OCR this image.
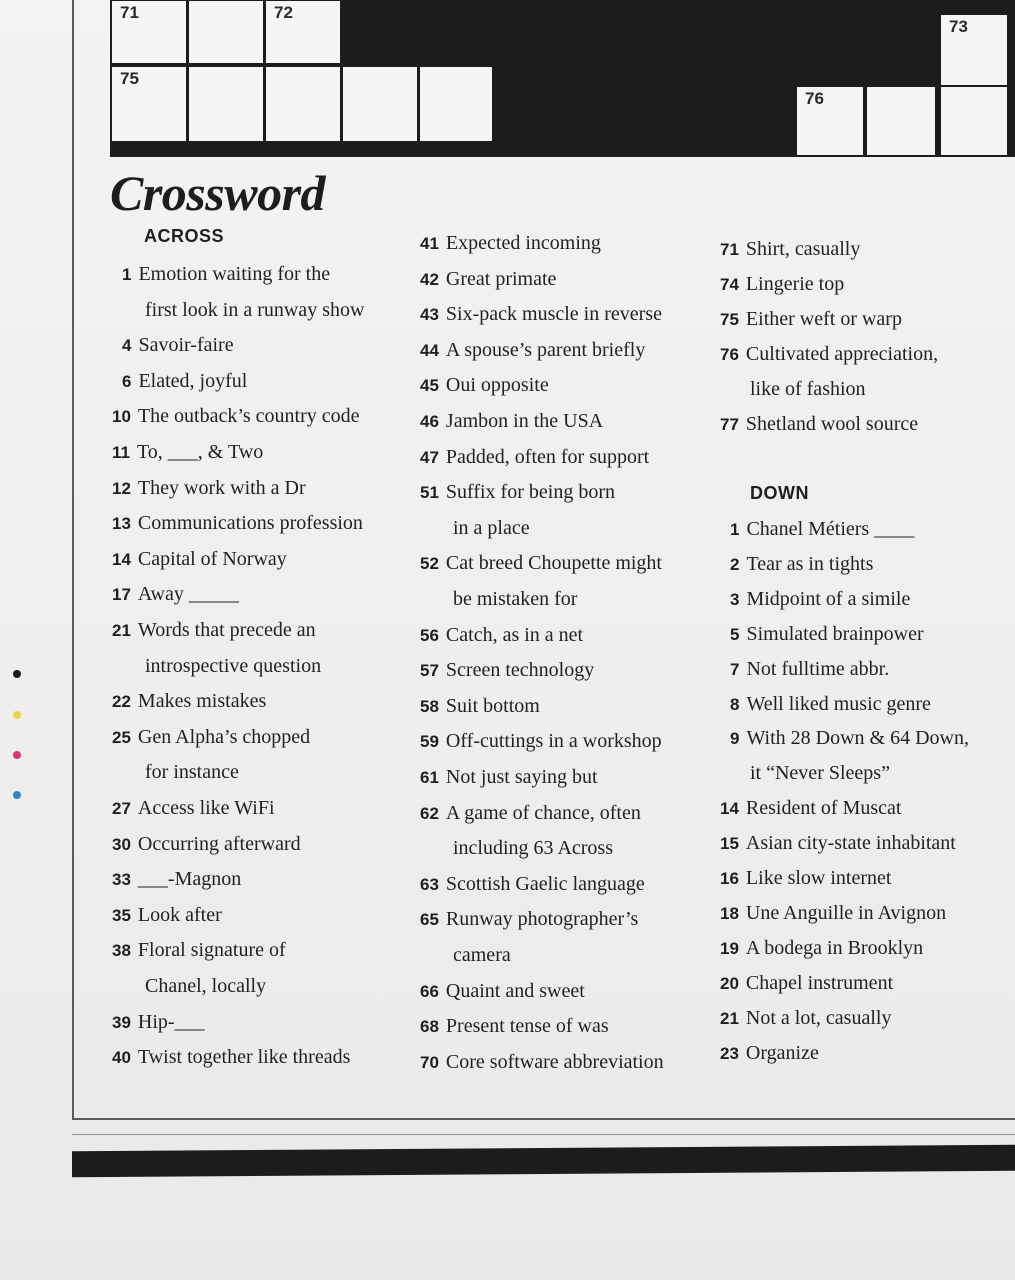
71	72
73
75
76
Crossword
ACROSS
DOWN
1 Emotion waiting for the
first look in a runway show
4 Savoir-faire
6 Elated, joyful
10 The outback’s country code
11 To, ___, & Two
12 They work with a Dr
13 Communications profession
14 Capital of Norway
17 Away _____
21 Words that precede an
introspective question
22 Makes mistakes
25 Gen Alpha’s chopped
for instance
27 Access like WiFi
30 Occurring afterward
33 ___-Magnon
35 Look after
38 Floral signature of
Chanel, locally
39 Hip-___
40 Twist together like threads
41 Expected incoming
42 Great primate
43 Six-pack muscle in reverse
44 A spouse’s parent briefly
45 Oui opposite
46 Jambon in the USA
47 Padded, often for support
51 Suffix for being born
in a place
52 Cat breed Choupette might
be mistaken for
56 Catch, as in a net
57 Screen technology
58 Suit bottom
59 Off-cuttings in a workshop
61 Not just saying but
62 A game of chance, often
including 63 Across
63 Scottish Gaelic language
65 Runway photographer’s
camera
66 Quaint and sweet
68 Present tense of was
70 Core software abbreviation
71 Shirt, casually
74 Lingerie top
75 Either weft or warp
76 Cultivated appreciation,
like of fashion
77 Shetland wool source
1 Chanel Métiers ____
2 Tear as in tights
3 Midpoint of a simile
5 Simulated brainpower
7 Not fulltime abbr.
8 Well liked music genre
9 With 28 Down & 64 Down,
it “Never Sleeps”
14 Resident of Muscat
15 Asian city-state inhabitant
16 Like slow internet
18 Une Anguille in Avignon
19 A bodega in Brooklyn
20 Chapel instrument
21 Not a lot, casually
23 Organize
